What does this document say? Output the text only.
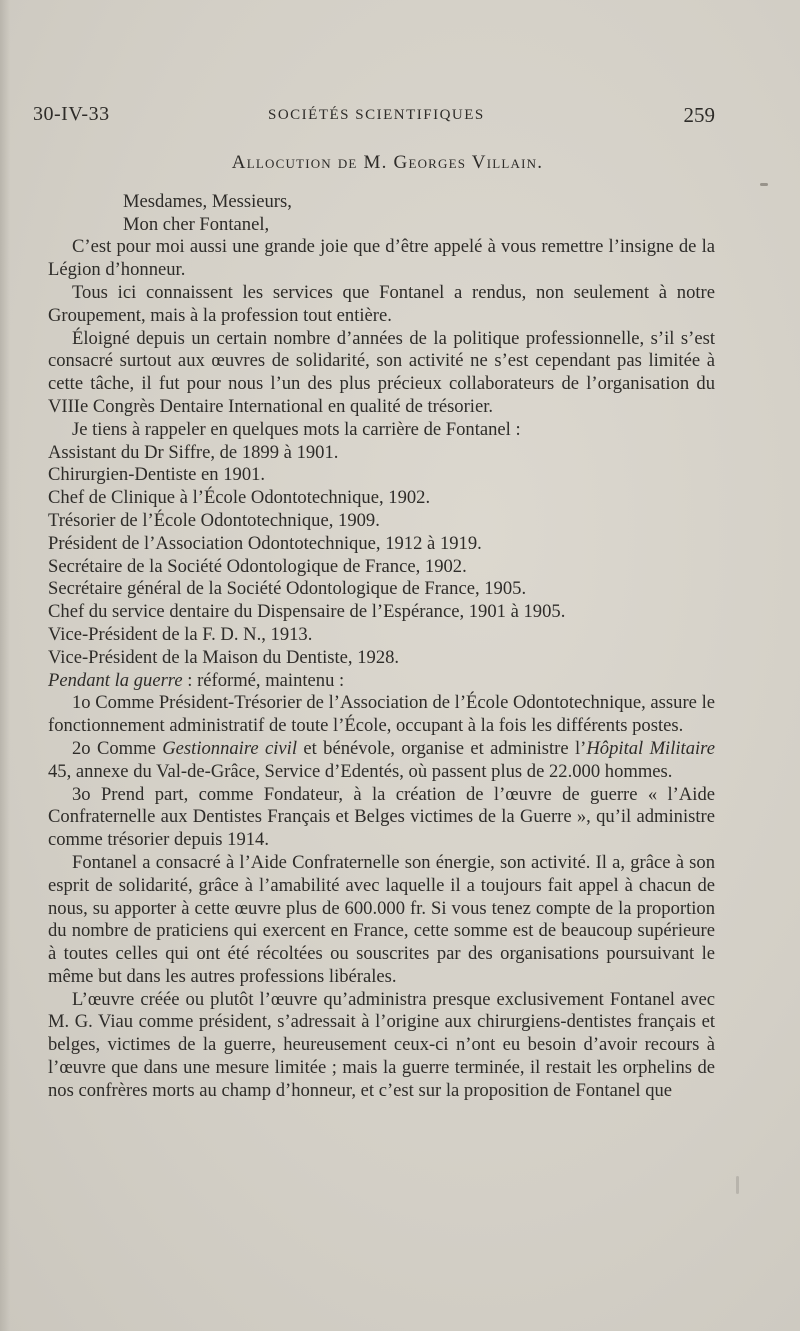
30-IV-33	SOCIÉTÉS SCIENTIFIQUES	259
Allocution de M. Georges Villain.

Mesdames, Messieurs,

Mon cher Fontanel,

C’est pour moi aussi une grande joie que d’être appelé à vous remettre l’insigne de la Légion d’honneur.

Tous ici connaissent les services que Fontanel a rendus, non seulement à notre Groupement, mais à la profession tout entière.

Éloigné depuis un certain nombre d’années de la politique professionnelle, s’il s’est consacré surtout aux œuvres de solidarité, son activité ne s’est cependant pas limitée à cette tâche, il fut pour nous l’un des plus précieux collaborateurs de l’organisation du VIIIe Congrès Dentaire International en qualité de trésorier.

Je tiens à rappeler en quelques mots la carrière de Fontanel :

Assistant du Dr Siffre, de 1899 à 1901.

Chirurgien-Dentiste en 1901.

Chef de Clinique à l’École Odontotechnique, 1902.

Trésorier de l’École Odontotechnique, 1909.

Président de l’Association Odontotechnique, 1912 à 1919.

Secrétaire de la Société Odontologique de France, 1902.

Secrétaire général de la Société Odontologique de France, 1905.

Chef du service dentaire du Dispensaire de l’Espérance, 1901 à 1905.

Vice-Président de la F. D. N., 1913.

Vice-Président de la Maison du Dentiste, 1928.

Pendant la guerre : réformé, maintenu :

1o Comme Président-Trésorier de l’Association de l’École Odontotechnique, assure le fonctionnement administratif de toute l’École, occupant à la fois les différents postes.

2o Comme Gestionnaire civil et bénévole, organise et administre l’Hôpital Militaire 45, annexe du Val-de-Grâce, Service d’Edentés, où passent plus de 22.000 hommes.

3o Prend part, comme Fondateur, à la création de l’œuvre de guerre « l’Aide Confraternelle aux Dentistes Français et Belges victimes de la Guerre », qu’il administre comme trésorier depuis 1914.

Fontanel a consacré à l’Aide Confraternelle son énergie, son activité. Il a, grâce à son esprit de solidarité, grâce à l’amabilité avec laquelle il a toujours fait appel à chacun de nous, su apporter à cette œuvre plus de 600.000 fr. Si vous tenez compte de la proportion du nombre de praticiens qui exercent en France, cette somme est de beaucoup supérieure à toutes celles qui ont été récoltées ou souscrites par des organisations poursuivant le même but dans les autres professions libérales.

L’œuvre créée ou plutôt l’œuvre qu’administra presque exclusivement Fontanel avec M. G. Viau comme président, s’adressait à l’origine aux chirurgiens-dentistes français et belges, victimes de la guerre, heureusement ceux-ci n’ont eu besoin d’avoir recours à l’œuvre que dans une mesure limitée ; mais la guerre terminée, il restait les orphelins de nos confrères morts au champ d’honneur, et c’est sur la proposition de Fontanel que
